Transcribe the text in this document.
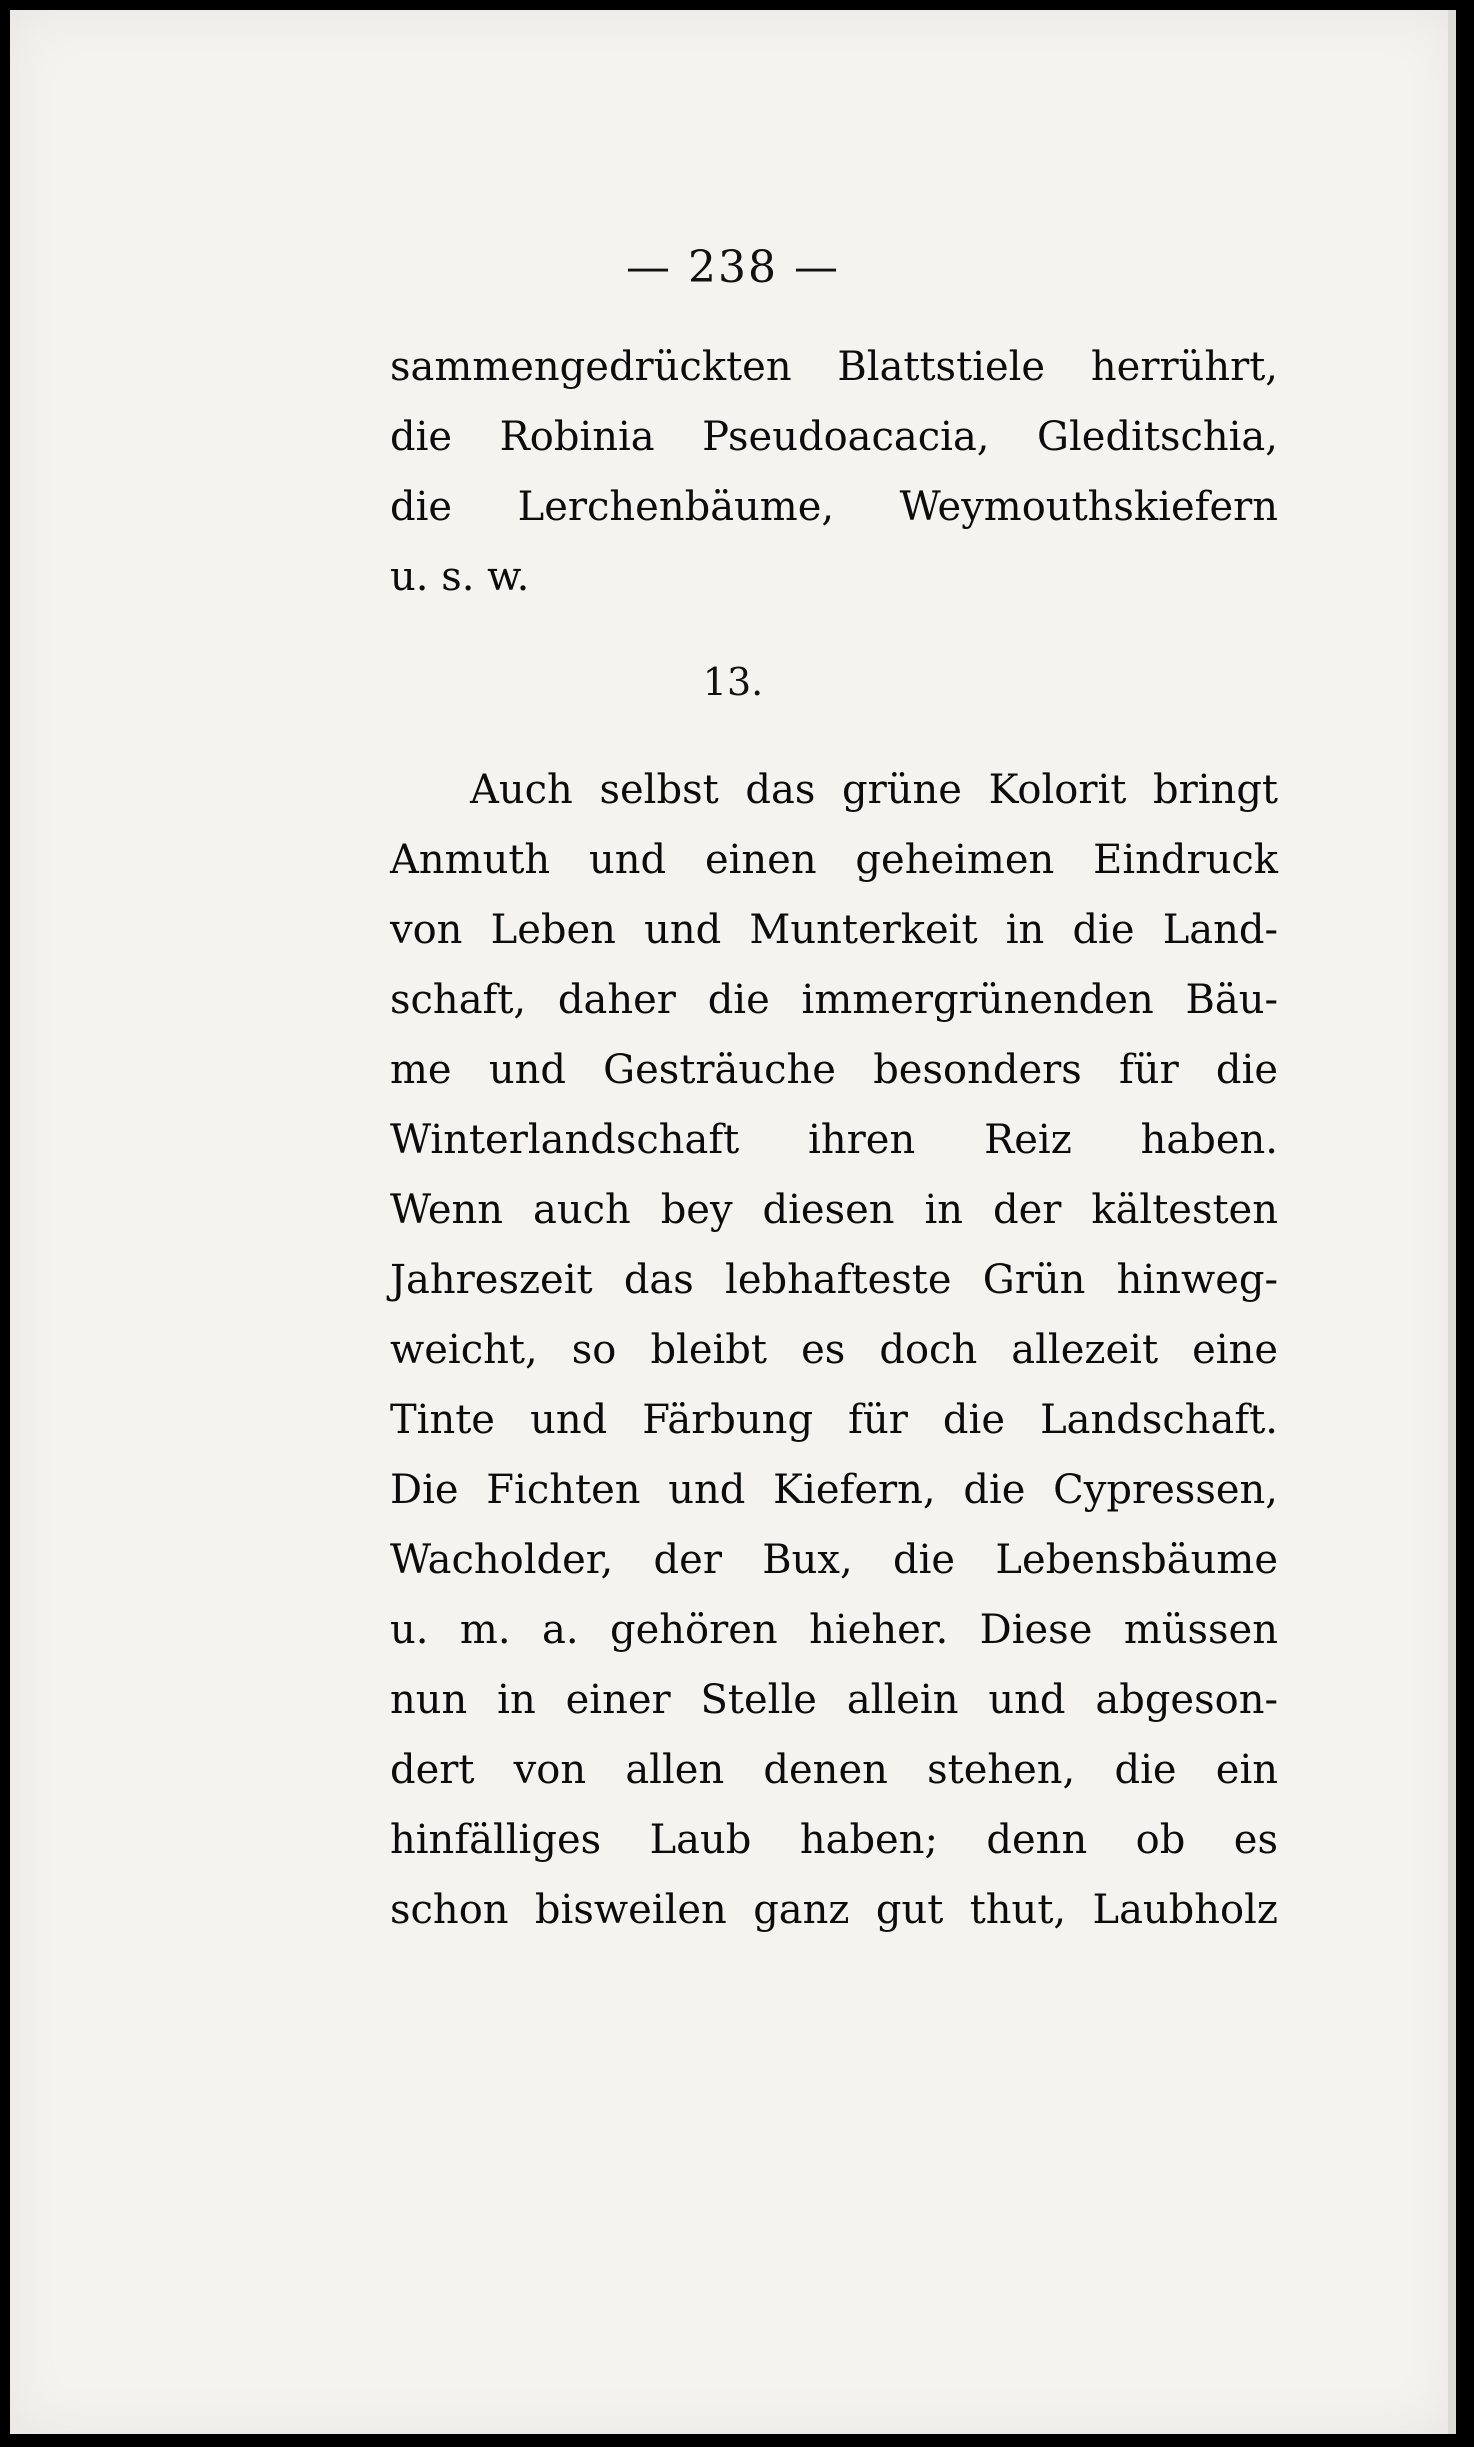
— 238 —
sammengedrückten Blattstiele herrührt,
die Robinia Pseudoacacia, Gleditschia,
die Lerchenbäume, Weymouthskiefern
u. s. w.
13.
Auch selbst das grüne Kolorit bringt
Anmuth und einen geheimen Eindruck
von Leben und Munterkeit in die Land-
schaft, daher die immergrünenden Bäu-
me und Gesträuche besonders für die
Winterlandschaft ihren Reiz haben.
Wenn auch bey diesen in der kältesten
Jahreszeit das lebhafteste Grün hinweg-
weicht, so bleibt es doch allezeit eine
Tinte und Färbung für die Landschaft.
Die Fichten und Kiefern, die Cypressen,
Wacholder, der Bux, die Lebensbäume
u. m. a. gehören hieher. Diese müssen
nun in einer Stelle allein und abgeson-
dert von allen denen stehen, die ein
hinfälliges Laub haben; denn ob es
schon bisweilen ganz gut thut, Laubholz
